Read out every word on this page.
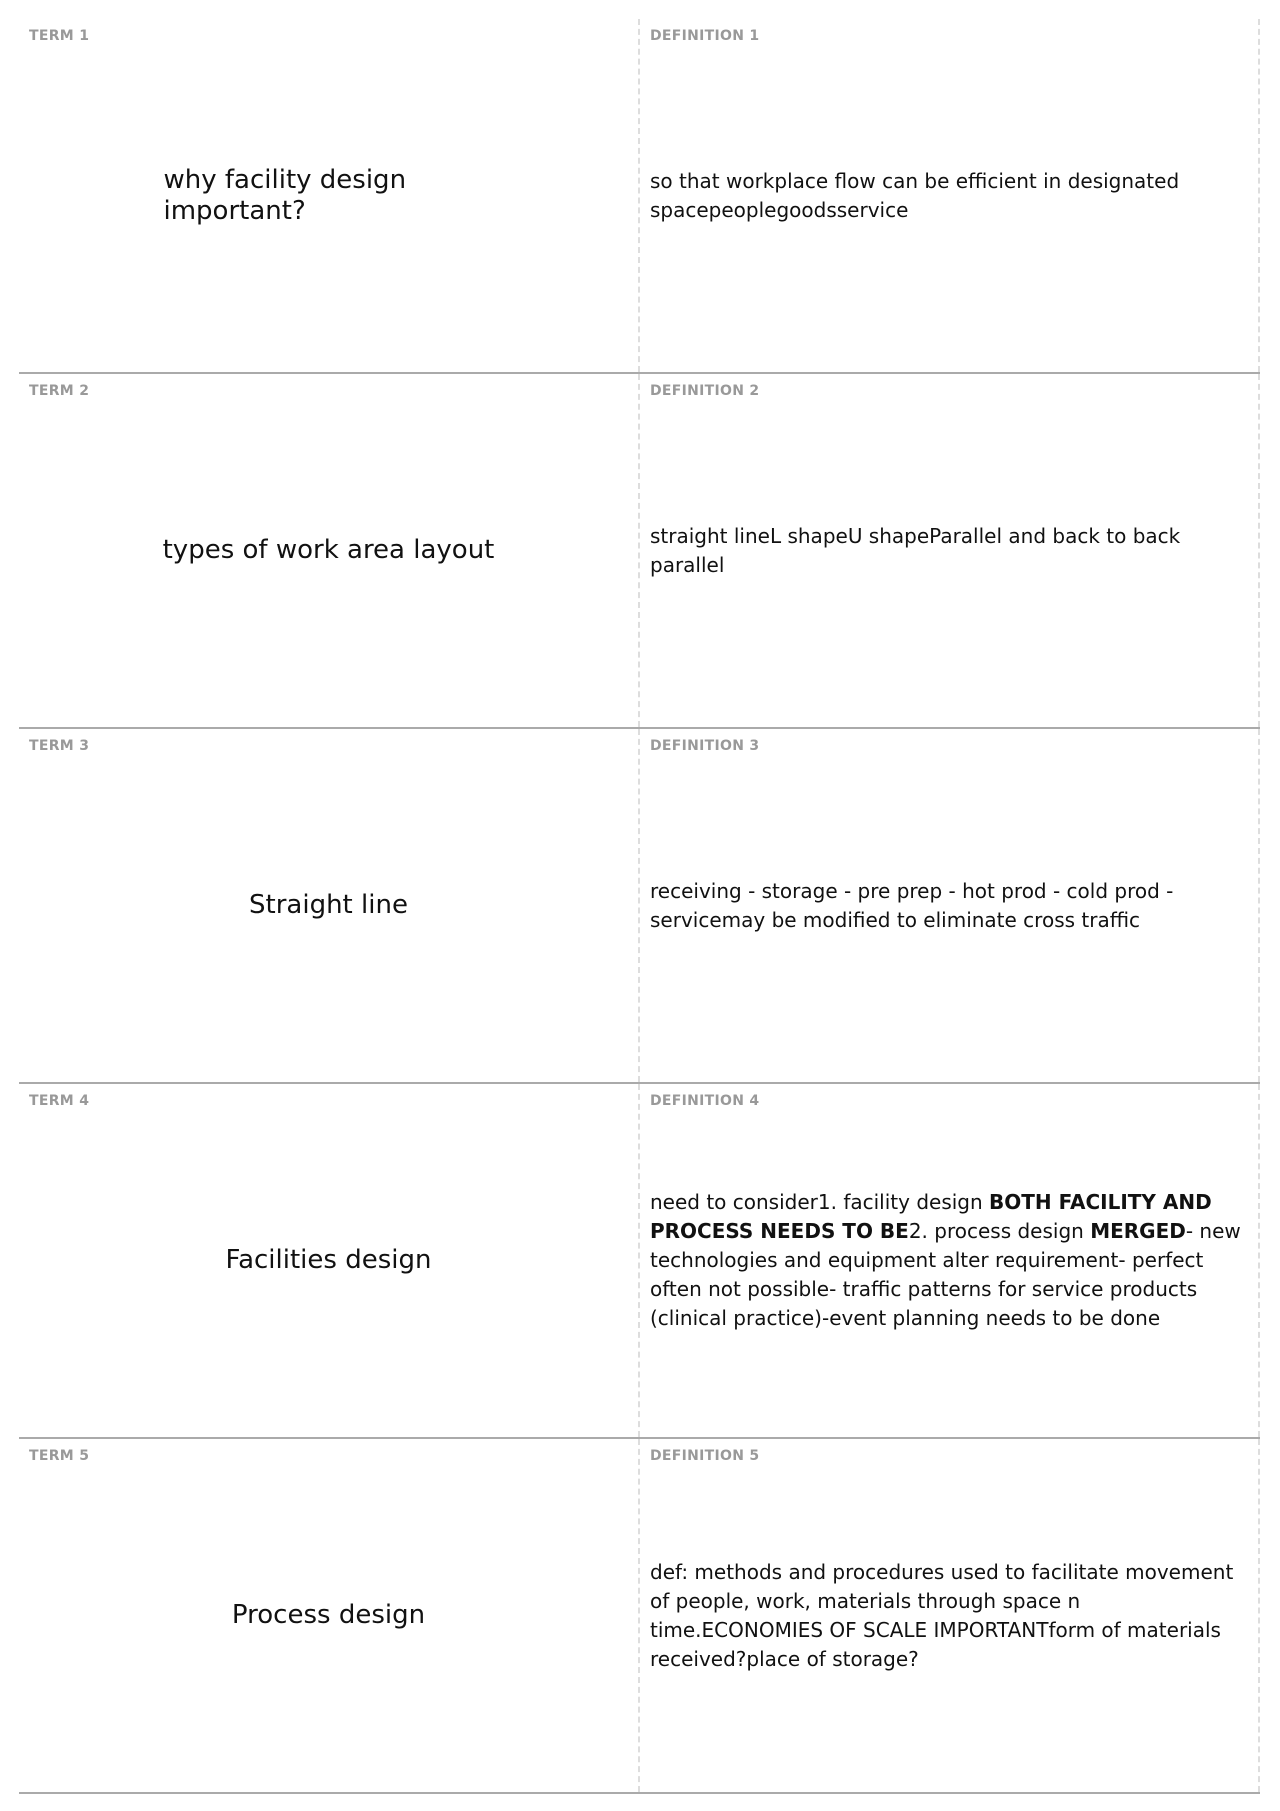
TERM 1
why facility design important?
DEFINITION 1
so that workplace flow can be efficient in designated spacepeoplegoodsservice
TERM 2
types of work area layout
DEFINITION 2
straight lineL shapeU shapeParallel and back to back parallel
TERM 3
Straight line
DEFINITION 3
receiving - storage - pre prep - hot prod - cold prod - servicemay be modified to eliminate cross traffic
TERM 4
Facilities design
DEFINITION 4
need to consider1. facility design BOTH FACILITY AND PROCESS NEEDS TO BE2. process design MERGED- new technologies and equipment alter requirement- perfect often not possible- traffic patterns for service products (clinical practice)-event planning needs to be done
TERM 5
Process design
DEFINITION 5
def: methods and procedures used to facilitate movement of people, work, materials through space n time.ECONOMIES OF SCALE IMPORTANTform of materials received?place of storage?
